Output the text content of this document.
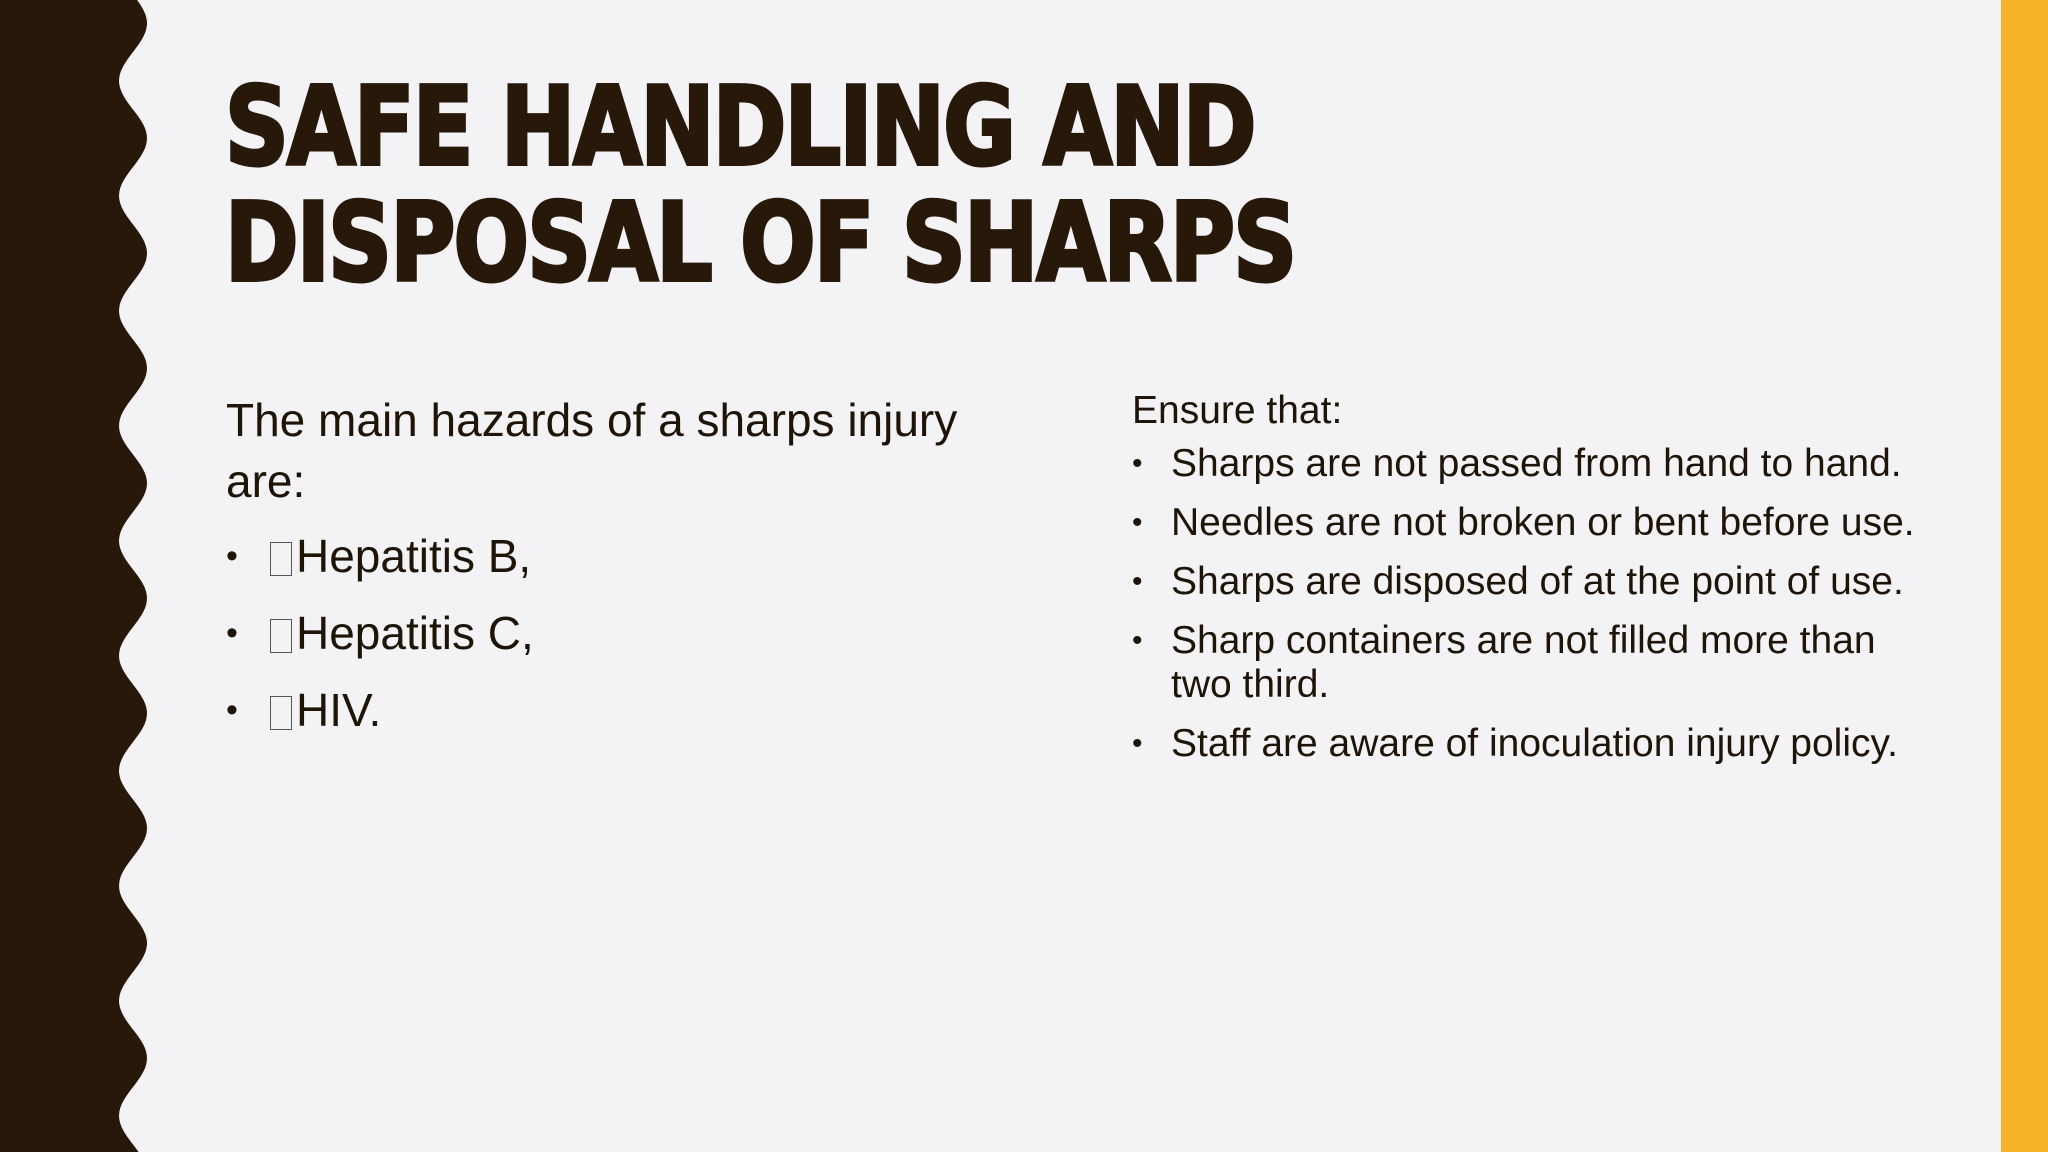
SAFE HANDLING AND DISPOSAL OF SHARPS

The main hazards of a sharps injury are:

• Hepatitis B,
• Hepatitis C,
• HIV.

Ensure that:

• Sharps are not passed from hand to hand.
• Needles are not broken or bent before use.
• Sharps are disposed of at the point of use.
• Sharp containers are not filled more than two third.
• Staff are aware of inoculation injury policy.
